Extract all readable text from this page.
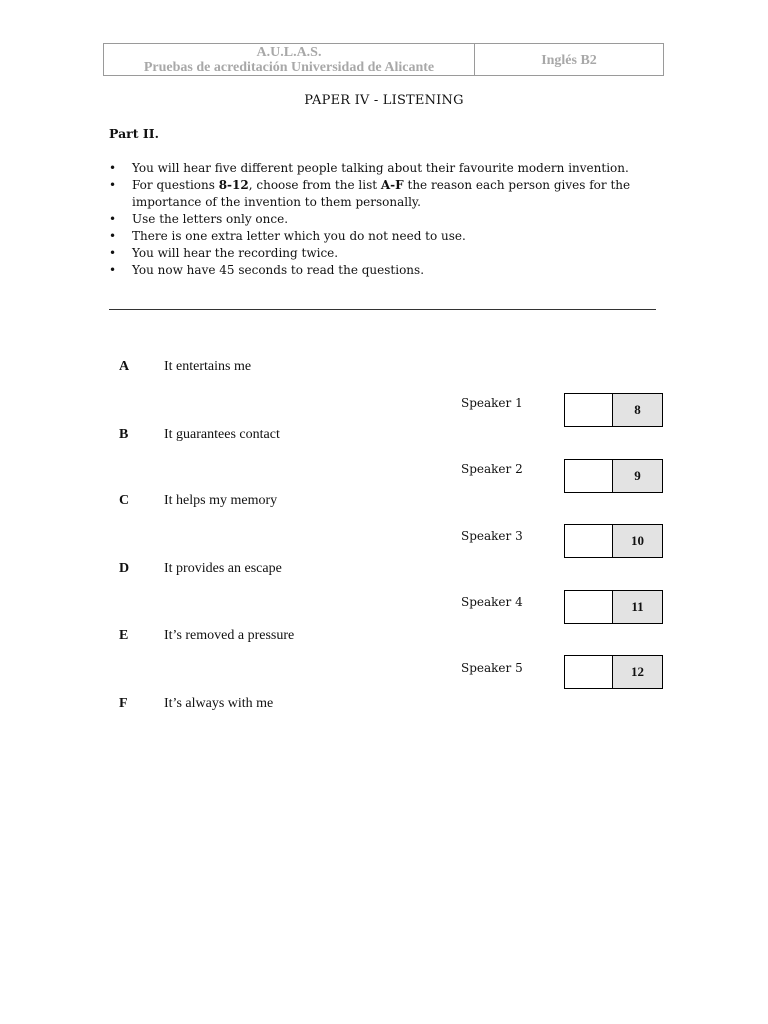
A.U.L.A.S.
Pruebas de acreditación Universidad de Alicante	Inglés B2
PAPER IV - LISTENING
Part II.
• You will hear five different people talking about their favourite modern invention.
• For questions 8-12, choose from the list A-F the reason each person gives for the importance of the invention to them personally.
• Use the letters only once.
• There is one extra letter which you do not need to use.
• You will hear the recording twice.
• You now have 45 seconds to read the questions.
A It entertains me
B	It guarantees contact
C It helps my memory
D It provides an escape
E	It’s removed a pressure
F	It’s always with me
Speaker 1	8
Speaker 2	9
Speaker 3	10
Speaker 4	11
Speaker 5	12
